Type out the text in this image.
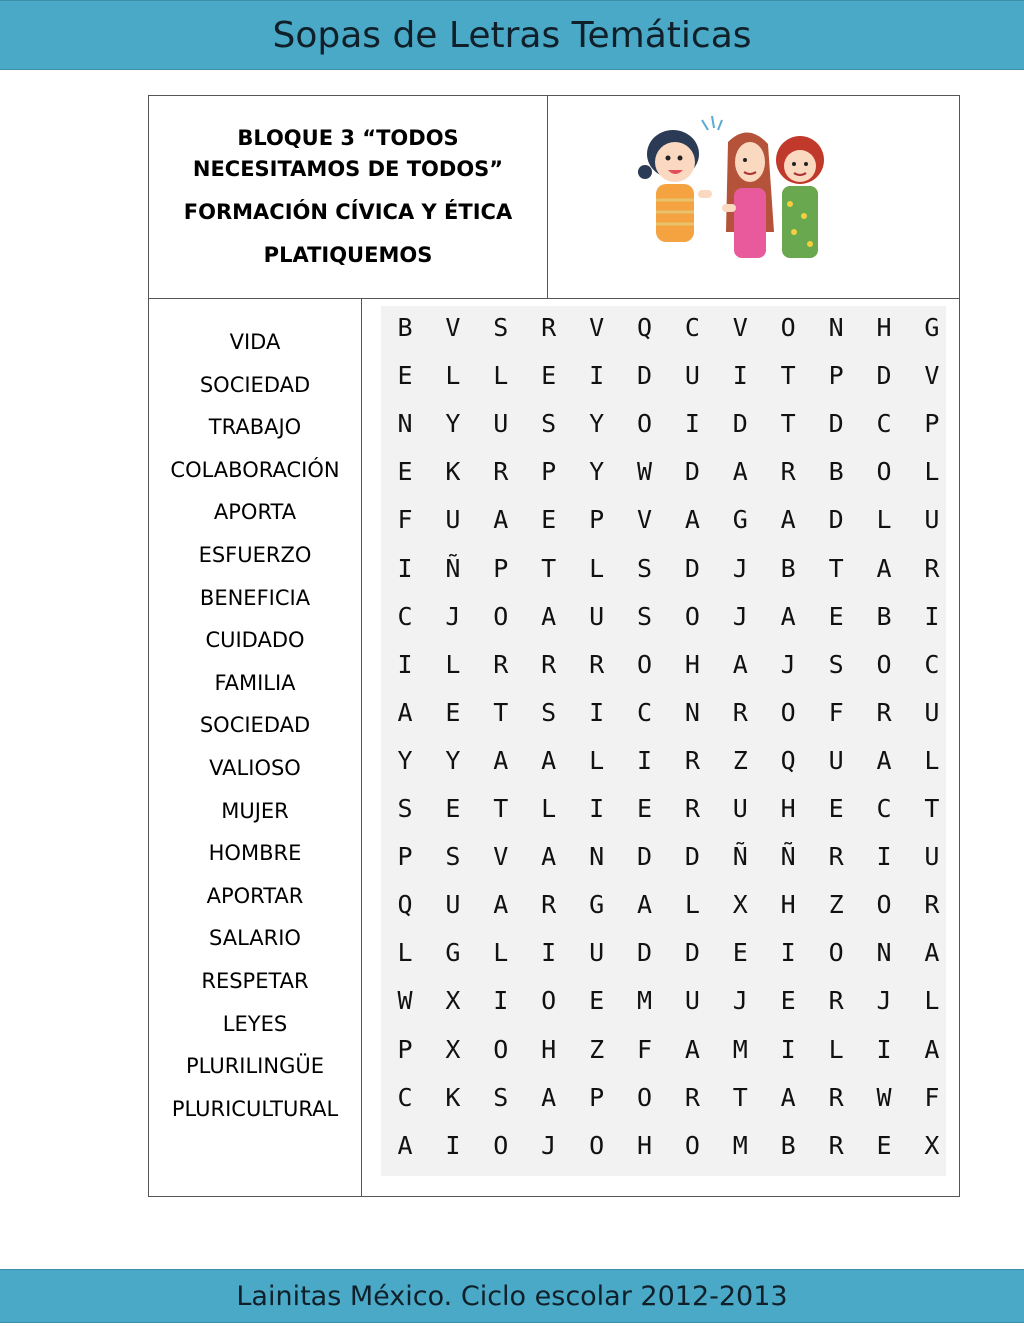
Sopas de Letras Temáticas
BLOQUE 3 “TODOS
NECESITAMOS DE TODOS”
FORMACIÓN CÍVICA Y ÉTICA
PLATIQUEMOS
VIDA
SOCIEDAD
TRABAJO
COLABORACIÓN
APORTA
ESFUERZO
BENEFICIA
CUIDADO
FAMILIA
SOCIEDAD
VALIOSO
MUJER
HOMBRE
APORTAR
SALARIO
RESPETAR
LEYES
PLURILINGÜE
PLURICULTURAL
B	V	S	R	V	Q	C	V	O	N	H	G
E	L	L	E	I	D	U	I	T	P	D	V
N	Y	U	S	Y	O	I	D	T	D	C	P
E	K	R	P	Y	W	D	A	R	B	O	L
F	U	A	E	P	V	A	G	A	D	L	U
I	Ñ	P	T	L	S	D	J	B	T	A	R
C	J	O	A	U	S	O	J	A	E	B	I
I	L	R	R	R	O	H	A	J	S	O	C
A	E	T	S	I	C	N	R	O	F	R	U
Y	Y	A	A	L	I	R	Z	Q	U	A	L
S	E	T	L	I	E	R	U	H	E	C	T
P	S	V	A	N	D	D	Ñ	Ñ	R	I	U
Q	U	A	R	G	A	L	X	H	Z	O	R
L	G	L	I	U	D	D	E	I	O	N	A
W	X	I	O	E	M	U	J	E	R	J	L
P	X	O	H	Z	F	A	M	I	L	I	A
C	K	S	A	P	O	R	T	A	R	W	F
A	I	O	J	O	H	O	M	B	R	E	X
Lainitas México. Ciclo escolar 2012-2013
